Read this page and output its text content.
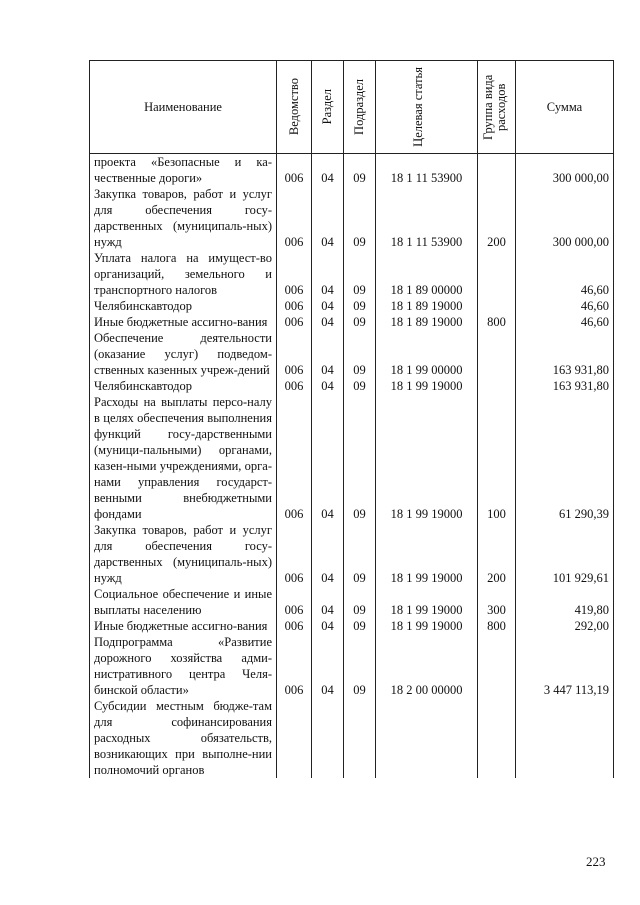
Наименование	Ведомство	Раздел	Подраздел	Целевая статья	Группа вида расходов	Сумма
проекта «Безопасные и ка-чественные дороги»	006	04	09	18 1 11 53900		300 000,00
Закупка товаров, работ и услуг для обеспечения госу-дарственных (муниципаль-ных) нужд	006	04	09	18 1 11 53900	200	300 000,00
Уплата налога на имущест-во организаций, земельного и транспортного налогов	006	04	09	18 1 89 00000		46,60
Челябинскавтодор	006	04	09	18 1 89 19000		46,60
Иные бюджетные ассигно-вания	006	04	09	18 1 89 19000	800	46,60
Обеспечение деятельности (оказание услуг) подведом-ственных казенных учреж-дений	006	04	09	18 1 99 00000		163 931,80
Челябинскавтодор	006	04	09	18 1 99 19000		163 931,80
Расходы на выплаты персо-налу в целях обеспечения выполнения функций госу-дарственными (муници-пальными) органами, казен-ными учреждениями, орга-нами управления государст-венными внебюджетными фондами	006	04	09	18 1 99 19000	100	61 290,39
Закупка товаров, работ и услуг для обеспечения госу-дарственных (муниципаль-ных) нужд	006	04	09	18 1 99 19000	200	101 929,61
Социальное обеспечение и иные выплаты населению	006	04	09	18 1 99 19000	300	419,80
Иные бюджетные ассигно-вания	006	04	09	18 1 99 19000	800	292,00
Подпрограмма «Развитие дорожного хозяйства адми-нистративного центра Челя-бинской области»	006	04	09	18 2 00 00000		3 447 113,19
Субсидии местным бюдже-там для софинансирования расходных обязательств, возникающих при выполне-нии полномочий органов						
223
